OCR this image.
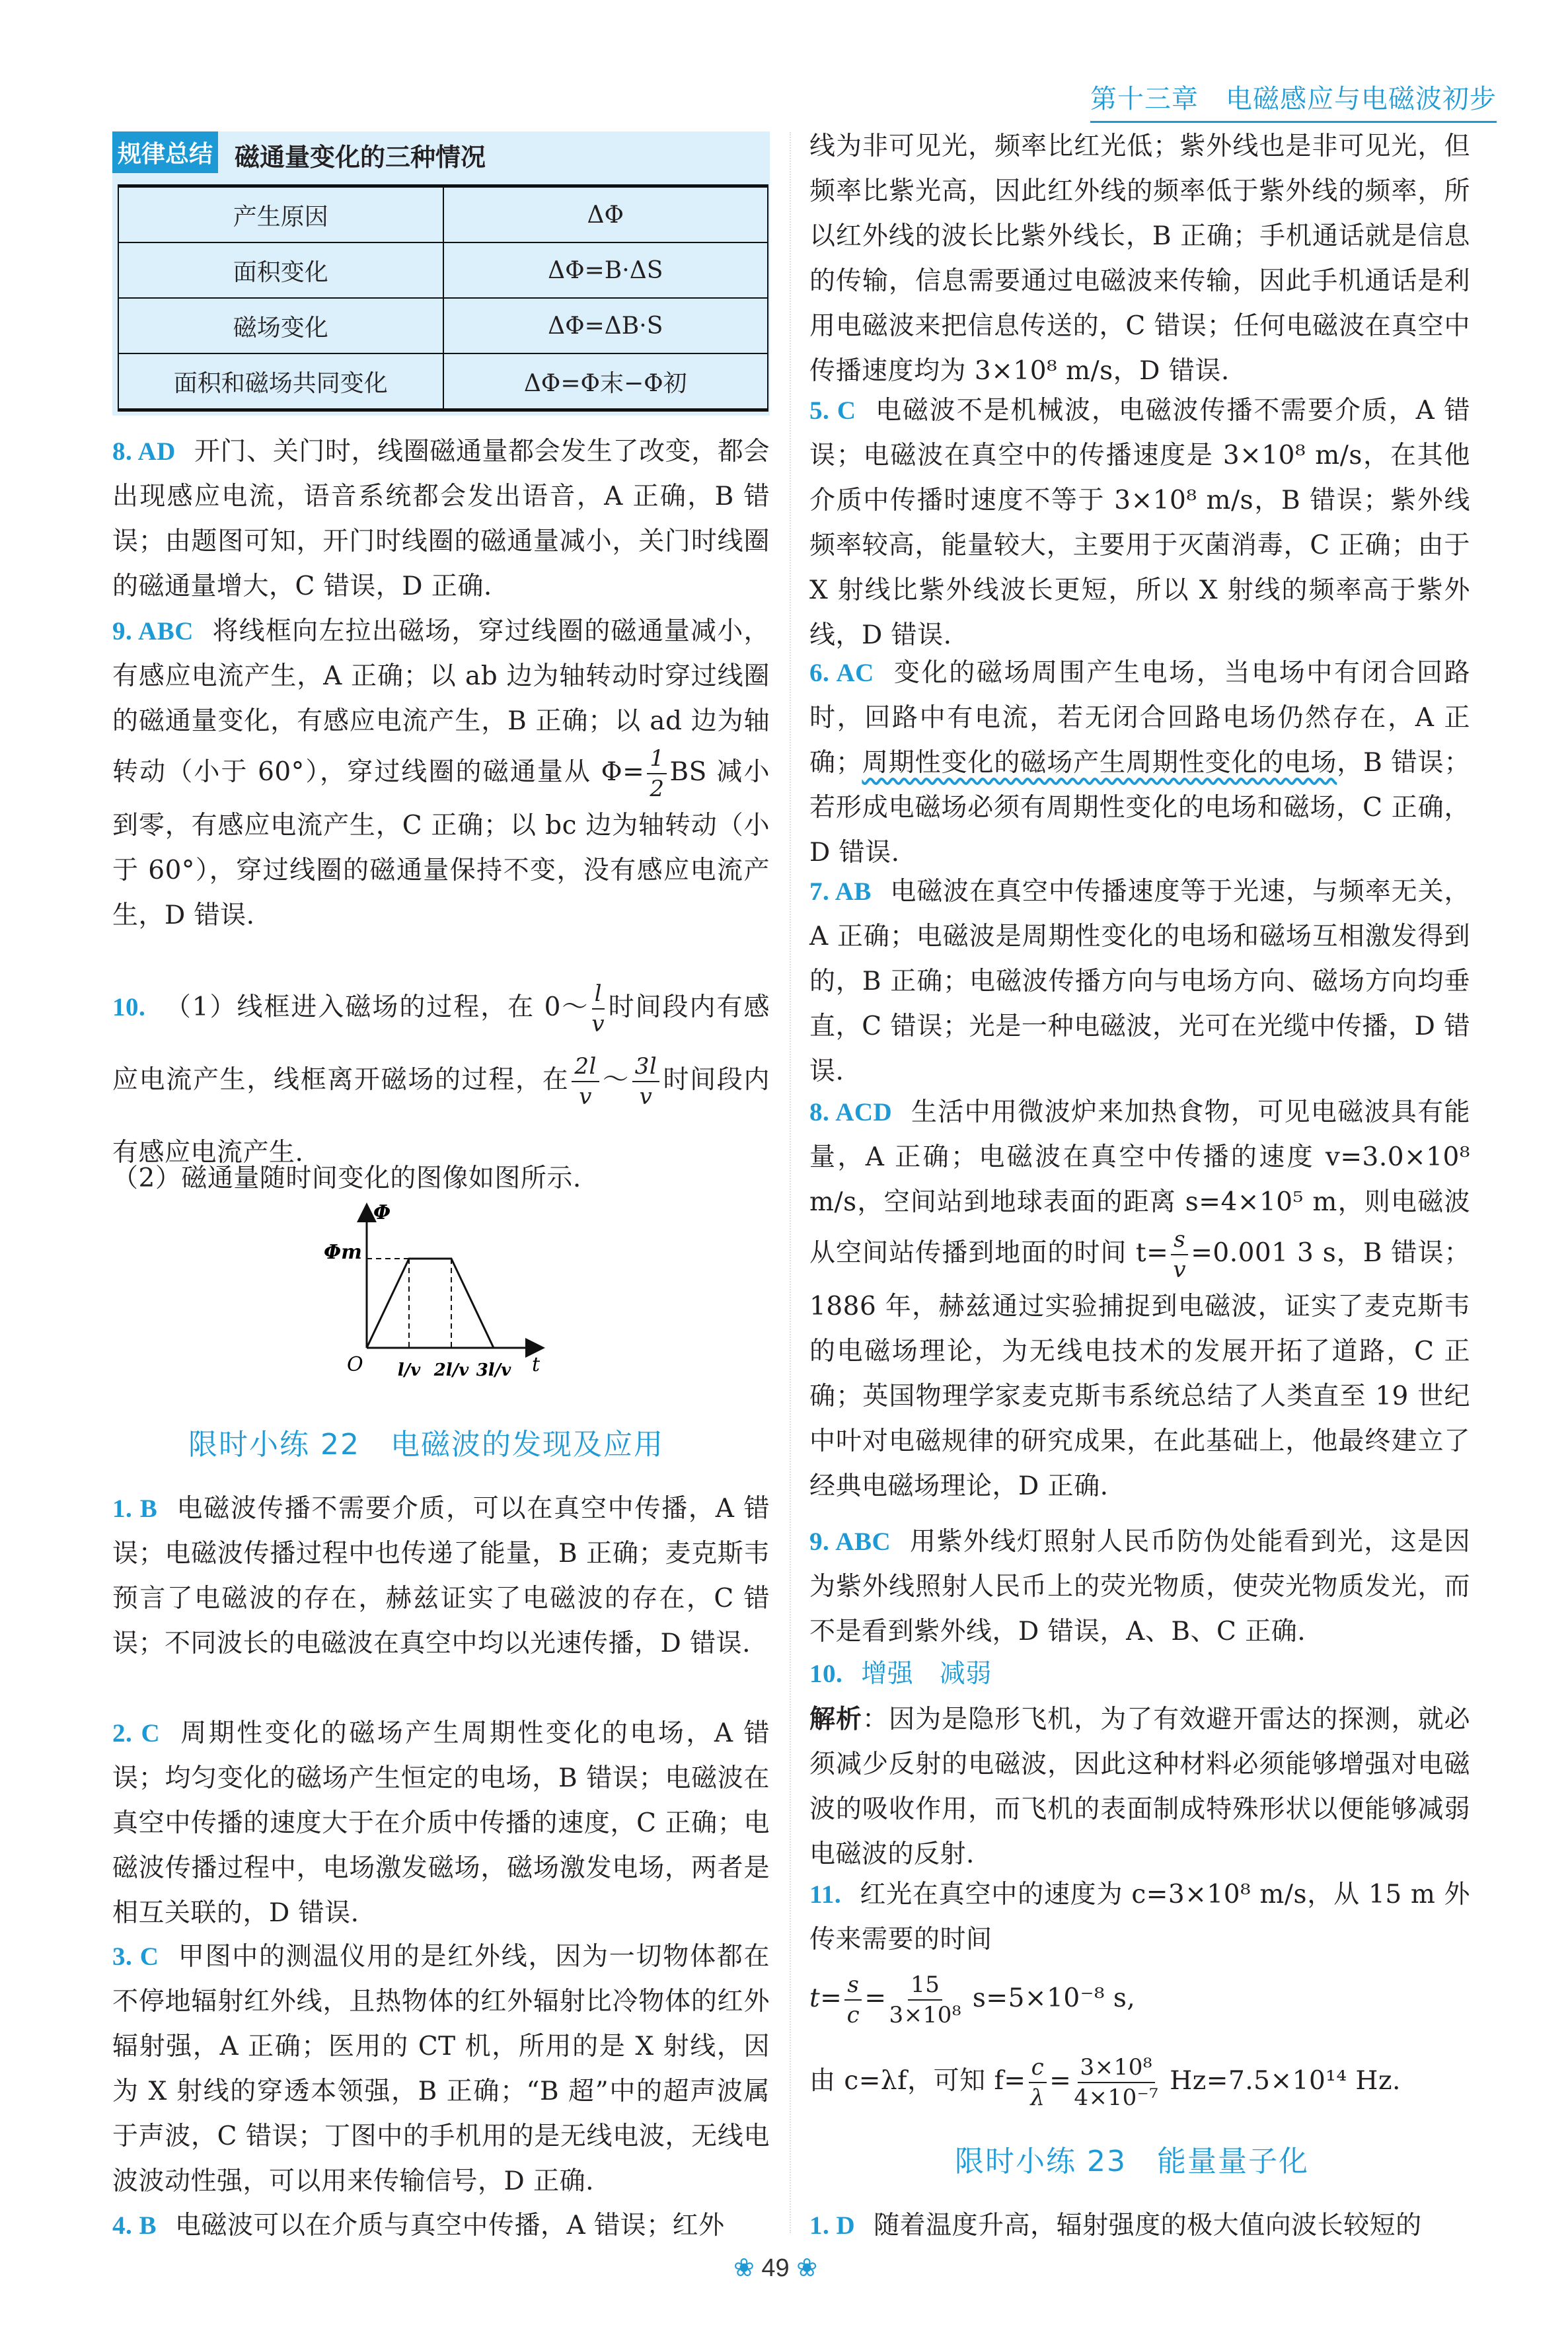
第十三章　电磁感应与电磁波初步
规律总结 磁通量变化的三种情况
产生原因	ΔΦ
面积变化	ΔΦ=B·ΔS
磁场变化	ΔΦ=ΔB·S
面积和磁场共同变化	ΔΦ=Φ末−Φ初
8. AD 开门、关门时，线圈磁通量都会发生了改变，都会出现感应电流，语音系统都会发出语音，A 正确，B 错误；由题图可知，开门时线圈的磁通量减小，关门时线圈的磁通量增大，C 错误，D 正确.
9. ABC 将线框向左拉出磁场，穿过线圈的磁通量减小，有感应电流产生，A 正确；以 ab 边为轴转动时穿过线圈的磁通量变化，有感应电流产生，B 正确；以 ad 边为轴转动（小于 60°），穿过线圈的磁通量从 $\Phi= \frac{1}{2}$ BS 减小到零，有感应电流产生，C 正确；以 bc 边为轴转动（小于 60°），穿过线圈的磁通量保持不变，没有感应电流产生，D 错误.
10. （1）线框进入磁场的过程，在 0～ $\frac{l}{v}$ 时间段内有感应电流产生，线框离开磁场的过程，在 $\frac{2l}{v}$ ～ $\frac{3l}{v}$ 时间段内有感应电流产生.
（2）磁通量随时间变化的图像如图所示.
l/v 2l/v 3l/v
Φ
Φm
O	t
限时小练 22　电磁波的发现及应用
1. B 电磁波传播不需要介质，可以在真空中传播，A 错误；电磁波传播过程中也传递了能量，B 正确；麦克斯韦预言了电磁波的存在，赫兹证实了电磁波的存在，C 错误；不同波长的电磁波在真空中均以光速传播，D 错误.
2. C 周期性变化的磁场产生周期性变化的电场，A 错误；均匀变化的磁场产生恒定的电场，B 错误；电磁波在真空中传播的速度大于在介质中传播的速度，C 正确；电磁波传播过程中，电场激发磁场，磁场激发电场，两者是相互关联的，D 错误.
3. C 甲图中的测温仪用的是红外线，因为一切物体都在不停地辐射红外线，且热物体的红外辐射比冷物体的红外辐射强，A 正确；医用的 CT 机，所用的是 X 射线，因为 X 射线的穿透本领强，B 正确；“B 超”中的超声波属于声波，C 错误；丁图中的手机用的是无线电波，无线电波波动性强，可以用来传输信号，D 正确.
4. B 电磁波可以在介质与真空中传播，A 错误；红外
线为非可见光，频率比红光低；紫外线也是非可见光，但频率比紫光高，因此红外线的频率低于紫外线的频率，所以红外线的波长比紫外线长，B 正确；手机通话就是信息的传输，信息需要通过电磁波来传输，因此手机通话是利用电磁波来把信息传送的，C 错误；任何电磁波在真空中传播速度均为 3×10⁸ m/s，D 错误.
5. C 电磁波不是机械波，电磁波传播不需要介质，A 错误；电磁波在真空中的传播速度是 3×10⁸ m/s，在其他介质中传播时速度不等于 3×10⁸ m/s，B 错误；紫外线频率较高，能量较大，主要用于灭菌消毒，C 正确；由于 X 射线比紫外线波长更短，所以 X 射线的频率高于紫外线，D 错误.
6. AC 变化的磁场周围产生电场，当电场中有闭合回路时，回路中有电流，若无闭合回路电场仍然存在，A 正确；周期性变化的磁场产生周期性变化的电场，B 错误；若形成电磁场必须有周期性变化的电场和磁场，C 正确，D 错误.
7. AB 电磁波在真空中传播速度等于光速，与频率无关，A 正确；电磁波是周期性变化的电场和磁场互相激发得到的，B 正确；电磁波传播方向与电场方向、磁场方向均垂直，C 错误；光是一种电磁波，光可在光缆中传播，D 错误.
8. ACD 生活中用微波炉来加热食物，可见电磁波具有能量，A 正确；电磁波在真空中传播的速度 v=3.0×10⁸ m/s，空间站到地球表面的距离 s=4×10⁵ m，则电磁波从空间站传播到地面的时间 $t= \frac{s}{v} =0.001$ 3 s，B 错误；1886 年，赫兹通过实验捕捉到电磁波，证实了麦克斯韦的电磁场理论，为无线电技术的发展开拓了道路，C 正确；英国物理学家麦克斯韦系统总结了人类直至 19 世纪中叶对电磁规律的研究成果，在此基础上，他最终建立了经典电磁场理论，D 正确.
9. ABC 用紫外线灯照射人民币防伪处能看到光，这是因为紫外线照射人民币上的荧光物质，使荧光物质发光，而不是看到紫外线，D 错误，A、B、C 正确.
10. 增强　减弱
解析：因为是隐形飞机，为了有效避开雷达的探测，就必须减少反射的电磁波，因此这种材料必须能够增强对电磁波的吸收作用，而飞机的表面制成特殊形状以便能够减弱电磁波的反射.
11. 红光在真空中的速度为 c=3×10⁸ m/s，从 15 m 外传来需要的时间
$t= \frac{s}{c} = \frac{15}{\text{3×10⁸}} s=5\times 10^{-8}$ s,
由 c=λf，可知 $f= \frac{c}{\lambda} = \frac{\text{3×10⁸}}{\text{4×10⁻⁷}} Hz=7.5\times 10^{14}$ Hz.
限时小练 23　能量量子化
1. D 随着温度升高，辐射强度的极大值向波长较短的
❀ 49 ❀
